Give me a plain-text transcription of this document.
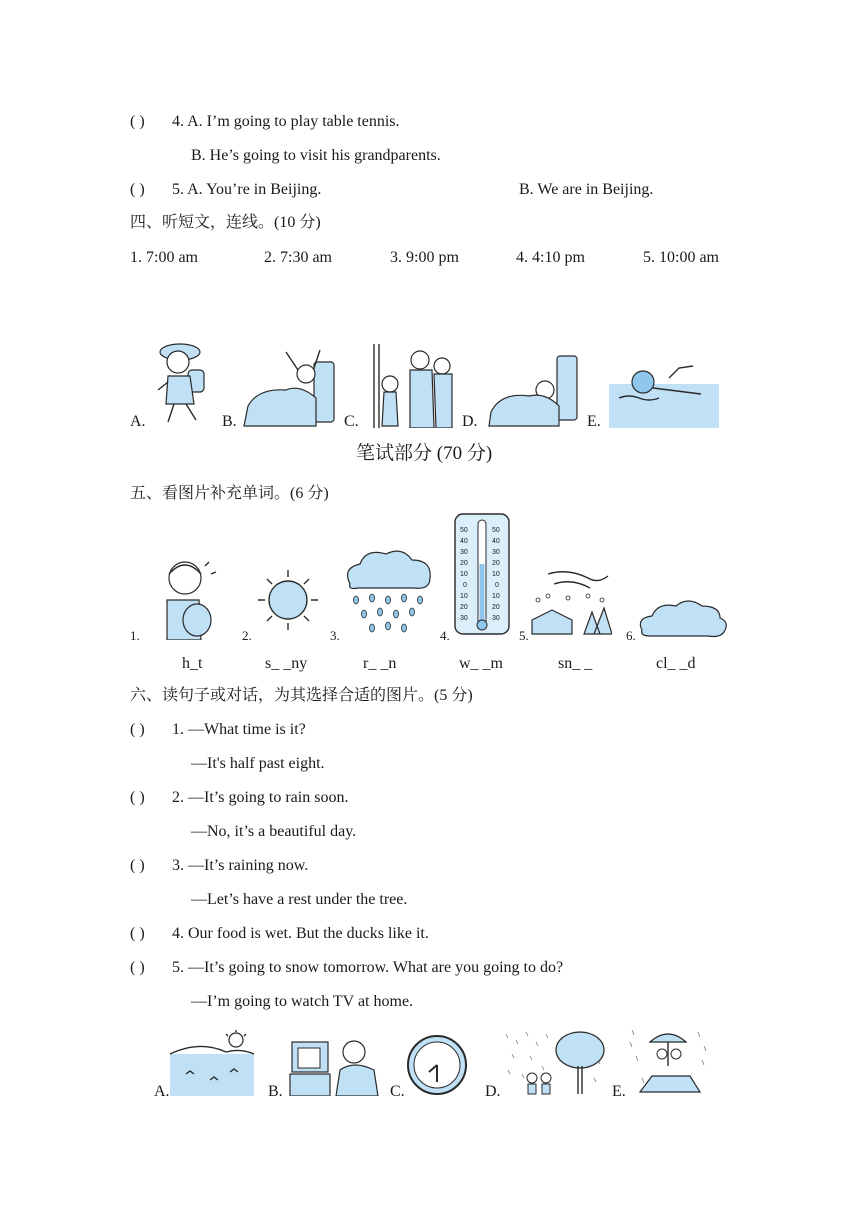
( ) 4. A. I’m going to play table tennis.
B. He’s going to visit his grandparents.
( ) 5. A. You’re in Beijing.	B. We are in Beijing.
四、听短文，连线。(10 分)
1. 7:00 am	2. 7:30 am	3. 9:00 pm	4. 4:10 pm	5. 10:00 am
A.	B.	C.	D.	E.
笔试部分 (70 分)
五、看图片补充单词。(6 分)
1.	2.	3.	4.	5.	6.
50
40
30
20
10
0
10
20
30
50
40
30
20
10
0
10
20
30
h_t	s_ _ny	r_ _n	w_ _m	sn_ _	cl_ _d
六、读句子或对话，为其选择合适的图片。(5 分)
( ) 1. —What time is it?
—It's half past eight.
( ) 2. —It’s going to rain soon.
—No, it’s a beautiful day.
( ) 3. —It’s raining now.
—Let’s have a rest under the tree.
( ) 4. Our food is wet. But the ducks like it.
( ) 5. —It’s going to snow tomorrow. What are you going to do?
—I’m going to watch TV at home.
A.	B.	C.	D.	E.
